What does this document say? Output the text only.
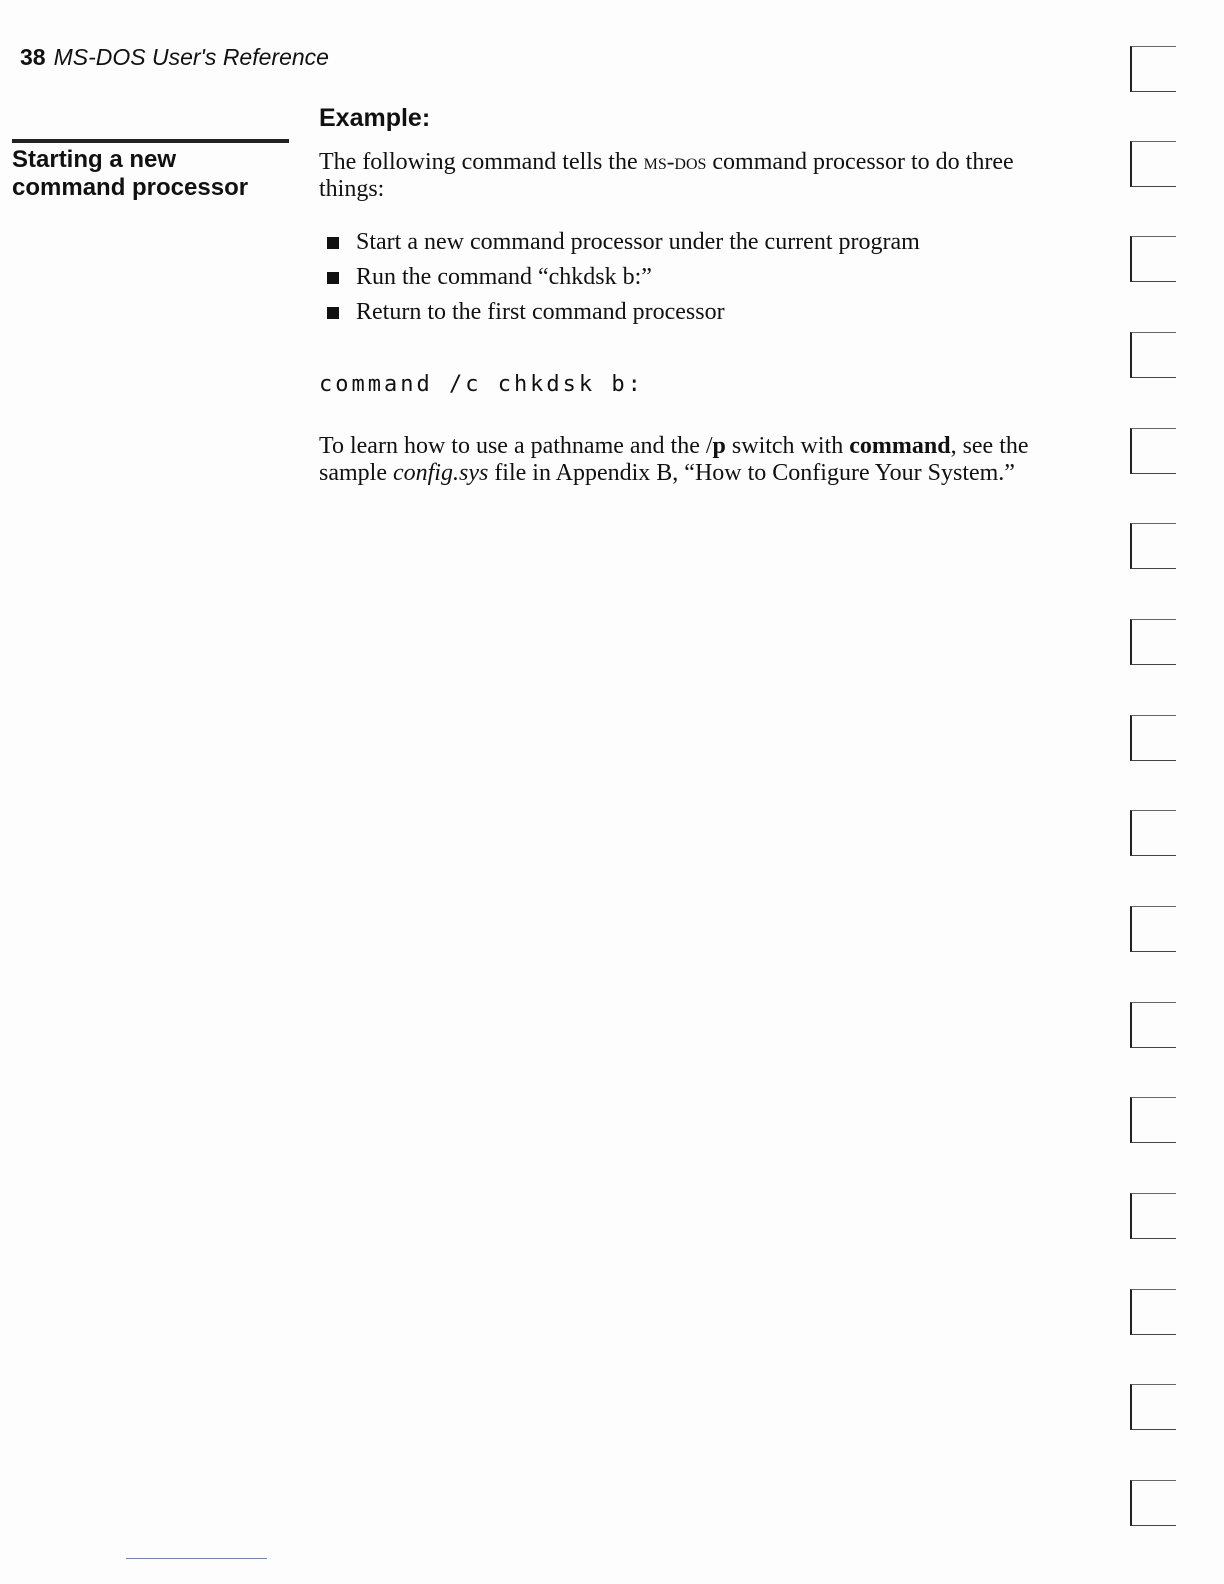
38 MS-DOS User's Reference
Starting a new
command processor
Example:
The following command tells the ms-dos command processor to do three things:
Start a new command processor under the current program
Run the command “chkdsk b:”
Return to the first command processor
command /c chkdsk b:
To learn how to use a pathname and the /p switch with command, see the sample config.sys file in Appendix B, “How to Configure Your System.”
